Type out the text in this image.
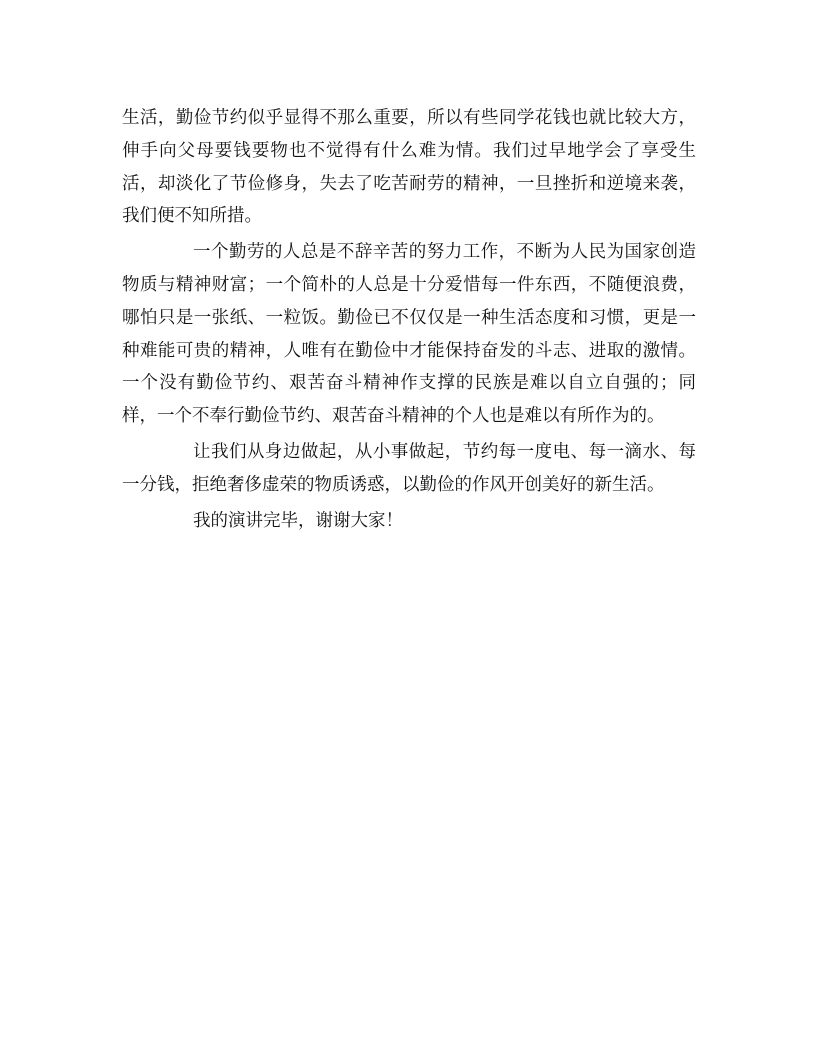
生活，勤俭节约似乎显得不那么重要，所以有些同学花钱也就比较大方，伸手向父母要钱要物也不觉得有什么难为情。我们过早地学会了享受生活，却淡化了节俭修身，失去了吃苦耐劳的精神，一旦挫折和逆境来袭，我们便不知所措。

一个勤劳的人总是不辞辛苦的努力工作，不断为人民为国家创造物质与精神财富；一个简朴的人总是十分爱惜每一件东西，不随便浪费，哪怕只是一张纸、一粒饭。勤俭已不仅仅是一种生活态度和习惯，更是一种难能可贵的精神，人唯有在勤俭中才能保持奋发的斗志、进取的激情。一个没有勤俭节约、艰苦奋斗精神作支撑的民族是难以自立自强的；同样，一个不奉行勤俭节约、艰苦奋斗精神的个人也是难以有所作为的。

让我们从身边做起，从小事做起，节约每一度电、每一滴水、每一分钱，拒绝奢侈虚荣的物质诱惑，以勤俭的作风开创美好的新生活。

我的演讲完毕，谢谢大家！
